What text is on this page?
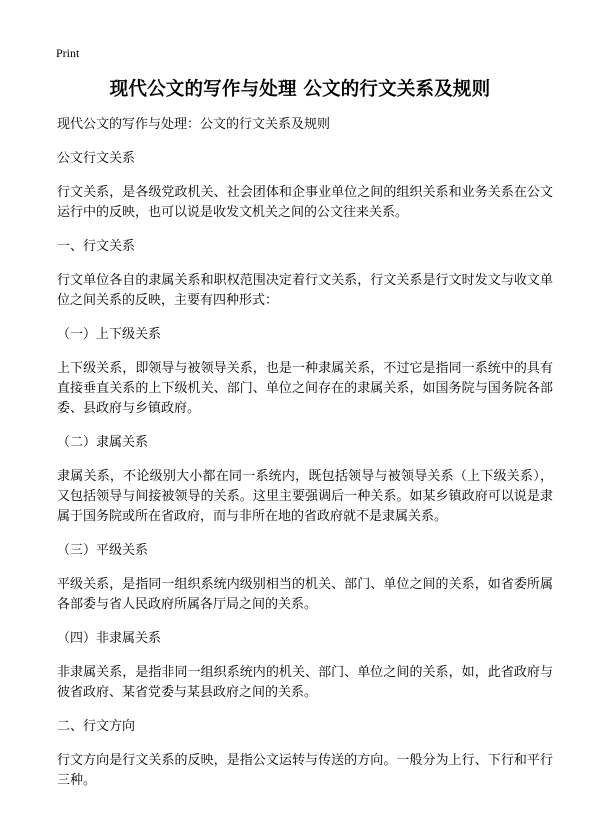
Print
现代公文的写作与处理 公文的行文关系及规则

现代公文的写作与处理：公文的行文关系及规则

公文行文关系

行文关系，是各级党政机关、社会团体和企事业单位之间的组织关系和业务关系在公文运行中的反映，也可以说是收发文机关之间的公文往来关系。

一、行文关系

行文单位各自的隶属关系和职权范围决定着行文关系，行文关系是行文时发文与收文单位之间关系的反映，主要有四种形式：

（一）上下级关系

上下级关系，即领导与被领导关系，也是一种隶属关系，不过它是指同一系统中的具有直接垂直关系的上下级机关、部门、单位之间存在的隶属关系，如国务院与国务院各部委、县政府与乡镇政府。

（二）隶属关系

隶属关系，不论级别大小都在同一系统内，既包括领导与被领导关系（上下级关系），又包括领导与间接被领导的关系。这里主要强调后一种关系。如某乡镇政府可以说是隶属于国务院或所在省政府，而与非所在地的省政府就不是隶属关系。

（三）平级关系

平级关系，是指同一组织系统内级别相当的机关、部门、单位之间的关系，如省委所属各部委与省人民政府所属各厅局之间的关系。

（四）非隶属关系

非隶属关系，是指非同一组织系统内的机关、部门、单位之间的关系，如，此省政府与彼省政府、某省党委与某县政府之间的关系。

二、行文方向

行文方向是行文关系的反映，是指公文运转与传送的方向。一般分为上行、下行和平行三种。
